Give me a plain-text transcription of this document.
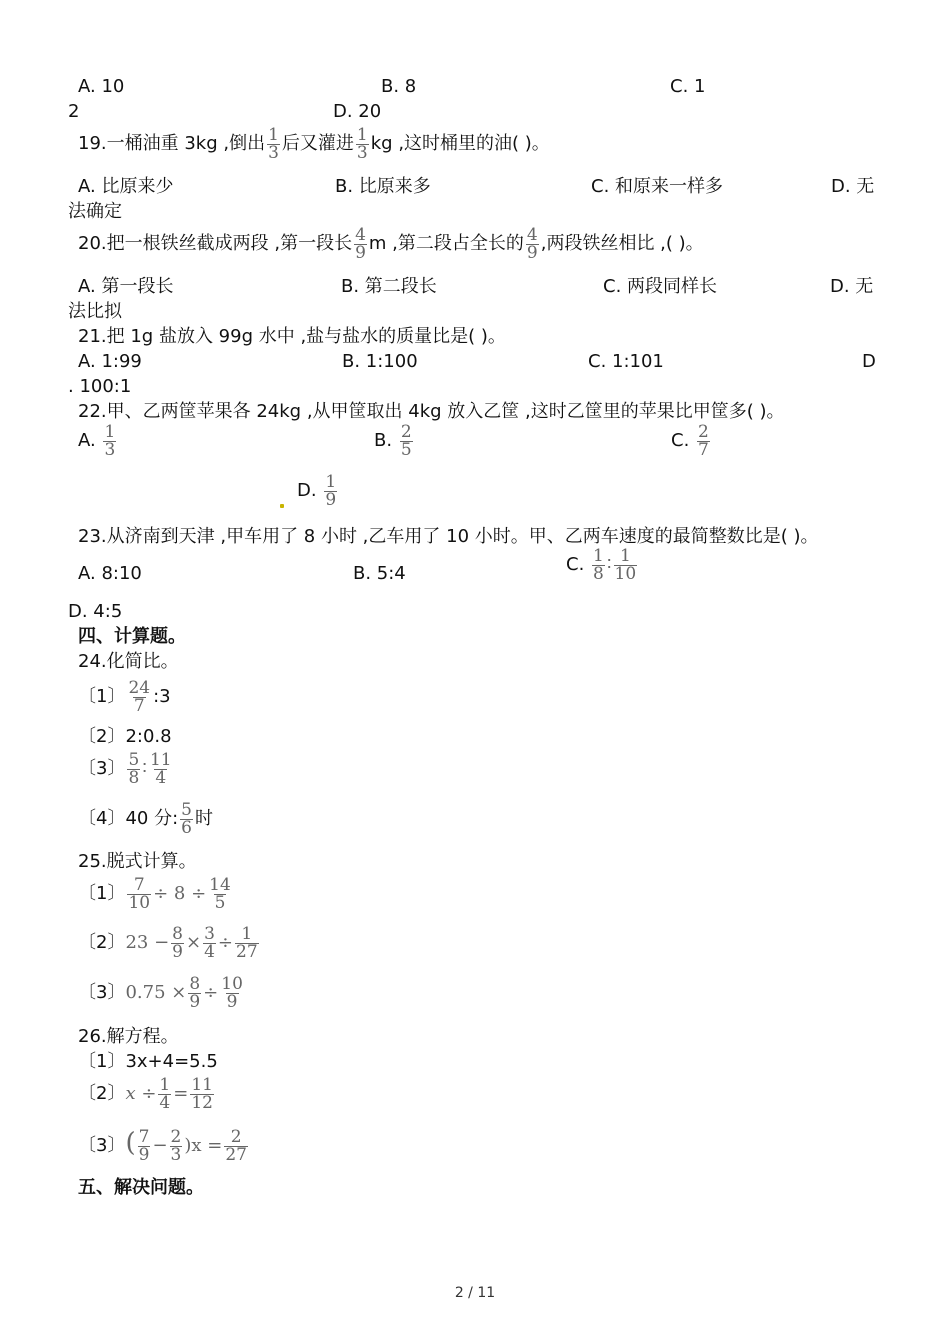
A. 10	B. 8	C. 1
2	D. 20
19.一桶油重 3kg ,倒出 $\frac{1}{3}$ 后又灌进 $\frac{1}{3}$ kg ,这时桶里的油( )。
A. 比原来少	B. 比原来多	C. 和原来一样多	D. 无
法确定
20.把一根铁丝截成两段 ,第一段长 $\frac{4}{9}$ m ,第二段占全长的 $\frac{4}{9}$ ,两段铁丝相比 ,( )。
A. 第一段长	B. 第二段长	C. 两段同样长	D. 无
法比拟
21.把 1g 盐放入 99g 水中 ,盐与盐水的质量比是( )。
A. 1:99	B. 1:100	C. 1:101	D
. 100:1
22.甲、乙两筐苹果各 24kg ,从甲筐取出 4kg 放入乙筐 ,这时乙筐里的苹果比甲筐多( )。
A. $\frac{1}{3}$	B. $\frac{2}{5}$	C. $\frac{2}{7}$
D. $\frac{1}{9}$
23.从济南到天津 ,甲车用了 8 小时 ,乙车用了 10 小时。甲、乙两车速度的最简整数比是( )。
A. 8:10	B. 5:4	C. $\frac{1}{8}$ ∶ $\frac{1}{10}$
D. 4:5
四、计算题。
24.化简比。
〔1〕 $\frac{24}{7}$ :3
〔2〕2:0.8
〔3〕 $\frac{5}{8}$ ∶ $\frac{11}{4}$
〔4〕40 分: $\frac{5}{6}$ 时
25.脱式计算。
〔1〕 $\frac{7}{10} \div 8 \div \frac{14}{5}$
〔2〕$23 - \frac{8}{9} \times \frac{3}{4} \div \frac{1}{27}$
〔3〕$0.75 \times \frac{8}{9} \div \frac{10}{9}$
26.解方程。
〔1〕3x+4=5.5
〔2〕$x \div \frac{1}{4} = \frac{11}{12}$
〔3〕( $\frac{7}{9} - \frac{2}{3} )x = \frac{2}{27}$
五、解决问题。
2 / 11
